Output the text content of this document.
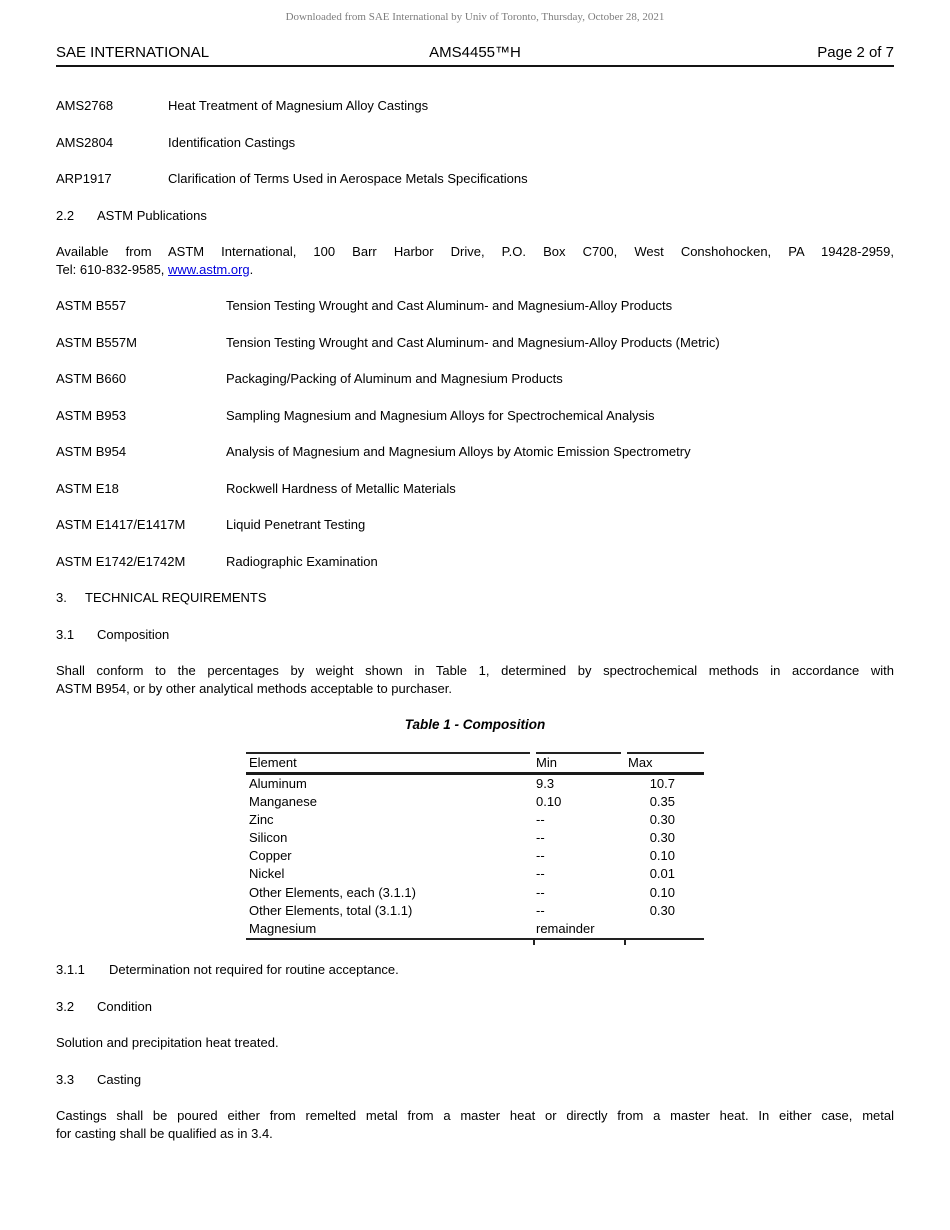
Downloaded from SAE International by Univ of Toronto, Thursday, October 28, 2021
SAE INTERNATIONAL	AMS4455™H	Page 2 of 7
AMS2768	Heat Treatment of Magnesium Alloy Castings
AMS2804	Identification Castings
ARP1917	Clarification of Terms Used in Aerospace Metals Specifications
2.2	ASTM Publications
Available from ASTM International, 100 Barr Harbor Drive, P.O. Box C700, West Conshohocken, PA 19428-2959,
Tel: 610-832-9585, www.astm.org.
ASTM B557	Tension Testing Wrought and Cast Aluminum- and Magnesium-Alloy Products
ASTM B557M	Tension Testing Wrought and Cast Aluminum- and Magnesium-Alloy Products (Metric)
ASTM B660	Packaging/Packing of Aluminum and Magnesium Products
ASTM B953	Sampling Magnesium and Magnesium Alloys for Spectrochemical Analysis
ASTM B954	Analysis of Magnesium and Magnesium Alloys by Atomic Emission Spectrometry
ASTM E18	Rockwell Hardness of Metallic Materials
ASTM E1417/E1417M	Liquid Penetrant Testing
ASTM E1742/E1742M	Radiographic Examination
3.	TECHNICAL REQUIREMENTS
3.1	Composition
Shall conform to the percentages by weight shown in Table 1, determined by spectrochemical methods in accordance with
ASTM B954, or by other analytical methods acceptable to purchaser.
Table 1 - Composition
Element	Min	Max
Aluminum	9.3	10.7
Manganese	0.10	0.35
Zinc	--	0.30
Silicon	--	0.30
Copper	--	0.10
Nickel	--	0.01
Other Elements, each (3.1.1)	--	0.10
Other Elements, total (3.1.1)	--	0.30
Magnesium	remainder
3.1.1	Determination not required for routine acceptance.
3.2	Condition
Solution and precipitation heat treated.
3.3	Casting
Castings shall be poured either from remelted metal from a master heat or directly from a master heat. In either case, metal
for casting shall be qualified as in 3.4.
